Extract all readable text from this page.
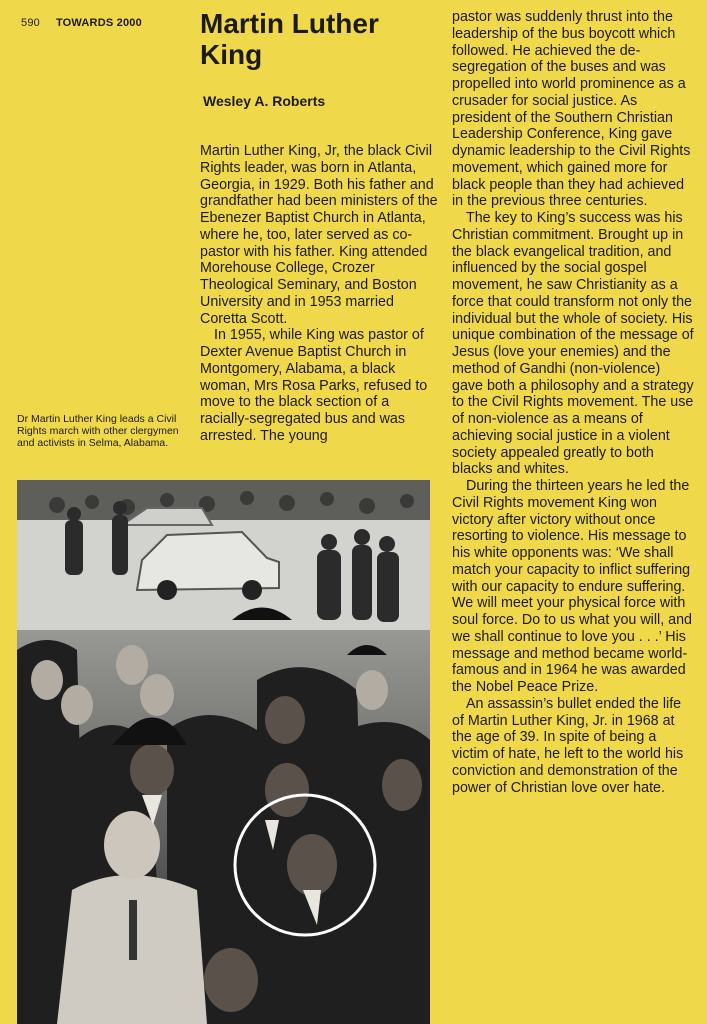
590 TOWARDS 2000 Martin Luther King

Wesley A. Roberts

Martin Luther King, Jr, the black Civil Rights leader, was born in Atlanta, Georgia, in 1929. Both his father and grandfather had been ministers of the Ebenezer Baptist Church in Atlanta, where he, too, later served as co-pastor with his father. King attended Morehouse College, Crozer Theological Seminary, and Boston University and in 1953 married Coretta Scott.

In 1955, while King was pastor of Dexter Avenue Baptist Church in Montgomery, Alabama, a black woman, Mrs Rosa Parks, refused to move to the black section of a racially-segregated bus and was arrested. The young

pastor was suddenly thrust into the leadership of the bus boycott which followed. He achieved the de-segregation of the buses and was propelled into world prominence as a crusader for social justice. As president of the Southern Christian Leadership Conference, King gave dynamic leadership to the Civil Rights movement, which gained more for black people than they had achieved in the previous three centuries.

The key to King’s success was his Christian commitment. Brought up in the black evangelical tradition, and influenced by the social gospel movement, he saw Christianity as a force that could transform not only the individual but the whole of society. His unique combination of the message of Jesus (love your enemies) and the method of Gandhi (non-violence) gave both a philosophy and a strategy to the Civil Rights movement. The use of non-violence as a means of achieving social justice in a violent society appealed greatly to both blacks and whites.

During the thirteen years he led the Civil Rights movement King won victory after victory without once resorting to violence. His message to his white opponents was: ‘We shall match your capacity to inflict suffering with our capacity to endure suffering. We will meet your physical force with soul force. Do to us what you will, and we shall continue to love you . . .’ His message and method became world-famous and in 1964 he was awarded the Nobel Peace Prize.

An assassin’s bullet ended the life of Martin Luther King, Jr. in 1968 at the age of 39. In spite of being a victim of hate, he left to the world his conviction and demonstration of the power of Christian love over hate.

Dr Martin Luther King leads a Civil Rights march with other clergymen and activists in Selma, Alabama.
